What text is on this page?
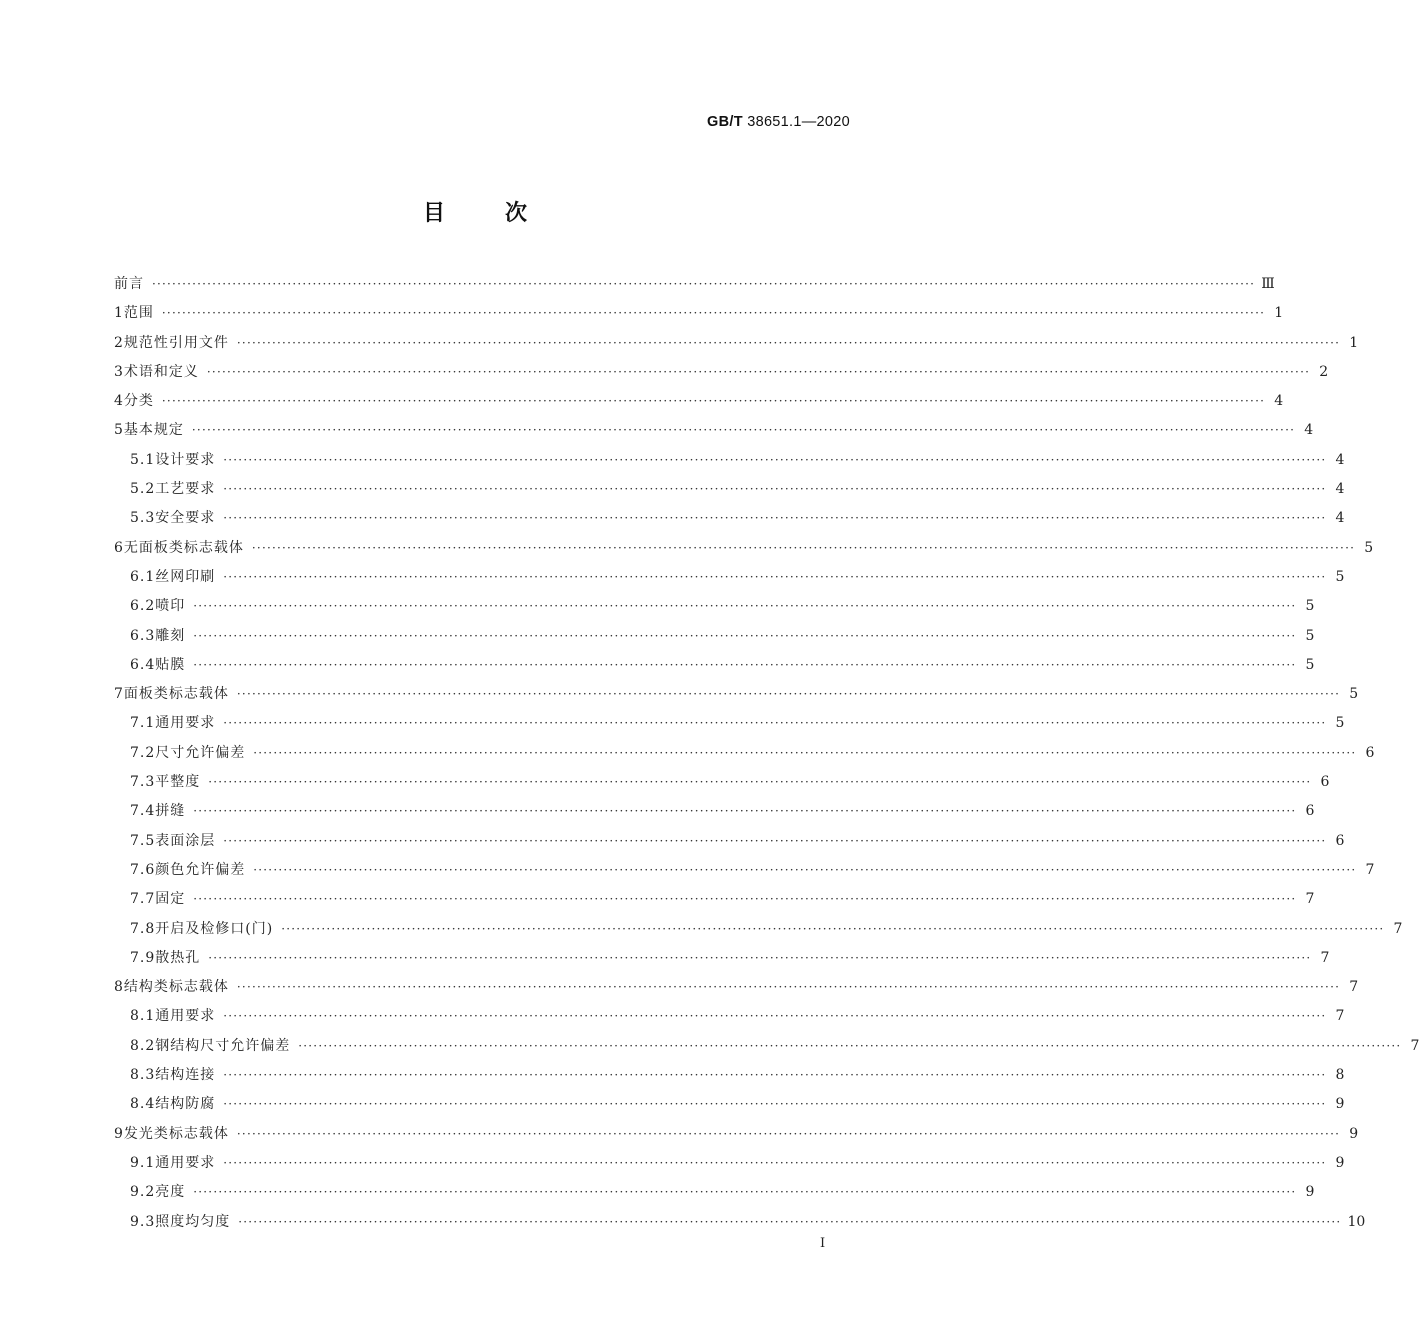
GB/T 38651.1—2020
目次
前言 ···························································································································································································································· Ⅲ
1 范围 ···························································································································································································································· 1
2 规范性引用文件 ···························································································································································································································· 1
3 术语和定义 ···························································································································································································································· 2
4 分类 ···························································································································································································································· 4
5 基本规定 ···························································································································································································································· 4
5.1 设计要求 ···························································································································································································································· 4
5.2 工艺要求 ···························································································································································································································· 4
5.3 安全要求 ···························································································································································································································· 4
6 无面板类标志载体 ···························································································································································································································· 5
6.1 丝网印刷 ···························································································································································································································· 5
6.2 喷印 ···························································································································································································································· 5
6.3 雕刻 ···························································································································································································································· 5
6.4 贴膜 ···························································································································································································································· 5
7 面板类标志载体 ···························································································································································································································· 5
7.1 通用要求 ···························································································································································································································· 5
7.2 尺寸允许偏差 ···························································································································································································································· 6
7.3 平整度 ···························································································································································································································· 6
7.4 拼缝 ···························································································································································································································· 6
7.5 表面涂层 ···························································································································································································································· 6
7.6 颜色允许偏差 ···························································································································································································································· 7
7.7 固定 ···························································································································································································································· 7
7.8 开启及检修口(门) ···························································································································································································································· 7
7.9 散热孔 ···························································································································································································································· 7
8 结构类标志载体 ···························································································································································································································· 7
8.1 通用要求 ···························································································································································································································· 7
8.2 钢结构尺寸允许偏差 ···························································································································································································································· 7
8.3 结构连接 ···························································································································································································································· 8
8.4 结构防腐 ···························································································································································································································· 9
9 发光类标志载体 ···························································································································································································································· 9
9.1 通用要求 ···························································································································································································································· 9
9.2 亮度 ···························································································································································································································· 9
9.3 照度均匀度 ···························································································································································································································· 10
I
